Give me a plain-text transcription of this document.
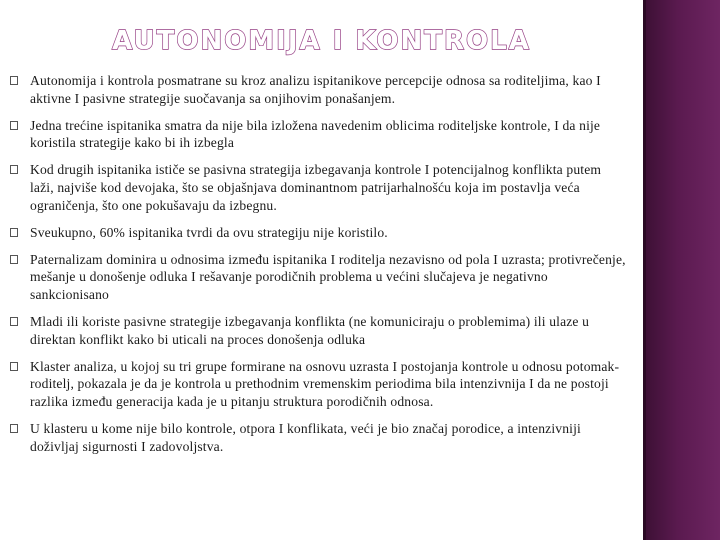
AUTONOMIJA I KONTROLA
Autonomija i kontrola posmatrane su kroz analizu ispitanikove percepcije odnosa sa roditeljima, kao I aktivne I pasivne strategije suočavanja sa onjihovim ponašanjem.
Jedna trećine ispitanika smatra da nije bila izložena navedenim oblicima roditeljske kontrole, I da nije koristila strategije kako bi ih izbegla
Kod drugih ispitanika ističe se pasivna strategija izbegavanja kontrole I potencijalnog konflikta putem laži, najviše kod devojaka, što se objašnjava dominantnom patrijarhalnošću koja im postavlja veća ograničenja, što one pokušavaju da izbegnu.
Sveukupno, 60% ispitanika tvrdi da ovu strategiju nije koristilo.
Paternalizam dominira u odnosima između ispitanika I roditelja nezavisno od pola I uzrasta; protivrečenje, mešanje u donošenje odluka I rešavanje porodičnih problema u većini slučajeva je negativno sankcionisano
Mladi ili koriste pasivne strategije izbegavanja konflikta (ne komuniciraju o problemima) ili ulaze u direktan konflikt kako bi uticali na proces donošenja odluka
Klaster analiza, u kojoj su tri grupe formirane na osnovu uzrasta I postojanja kontrole u odnosu potomak-roditelj, pokazala je da je kontrola u prethodnim vremenskim periodima bila intenzivnija I da ne postoji razlika između generacija kada je u pitanju struktura porodičnih odnosa.
U klasteru u kome nije bilo kontrole, otpora I konflikata, veći je bio značaj porodice, a intenzivniji doživljaj sigurnosti I zadovoljstva.
